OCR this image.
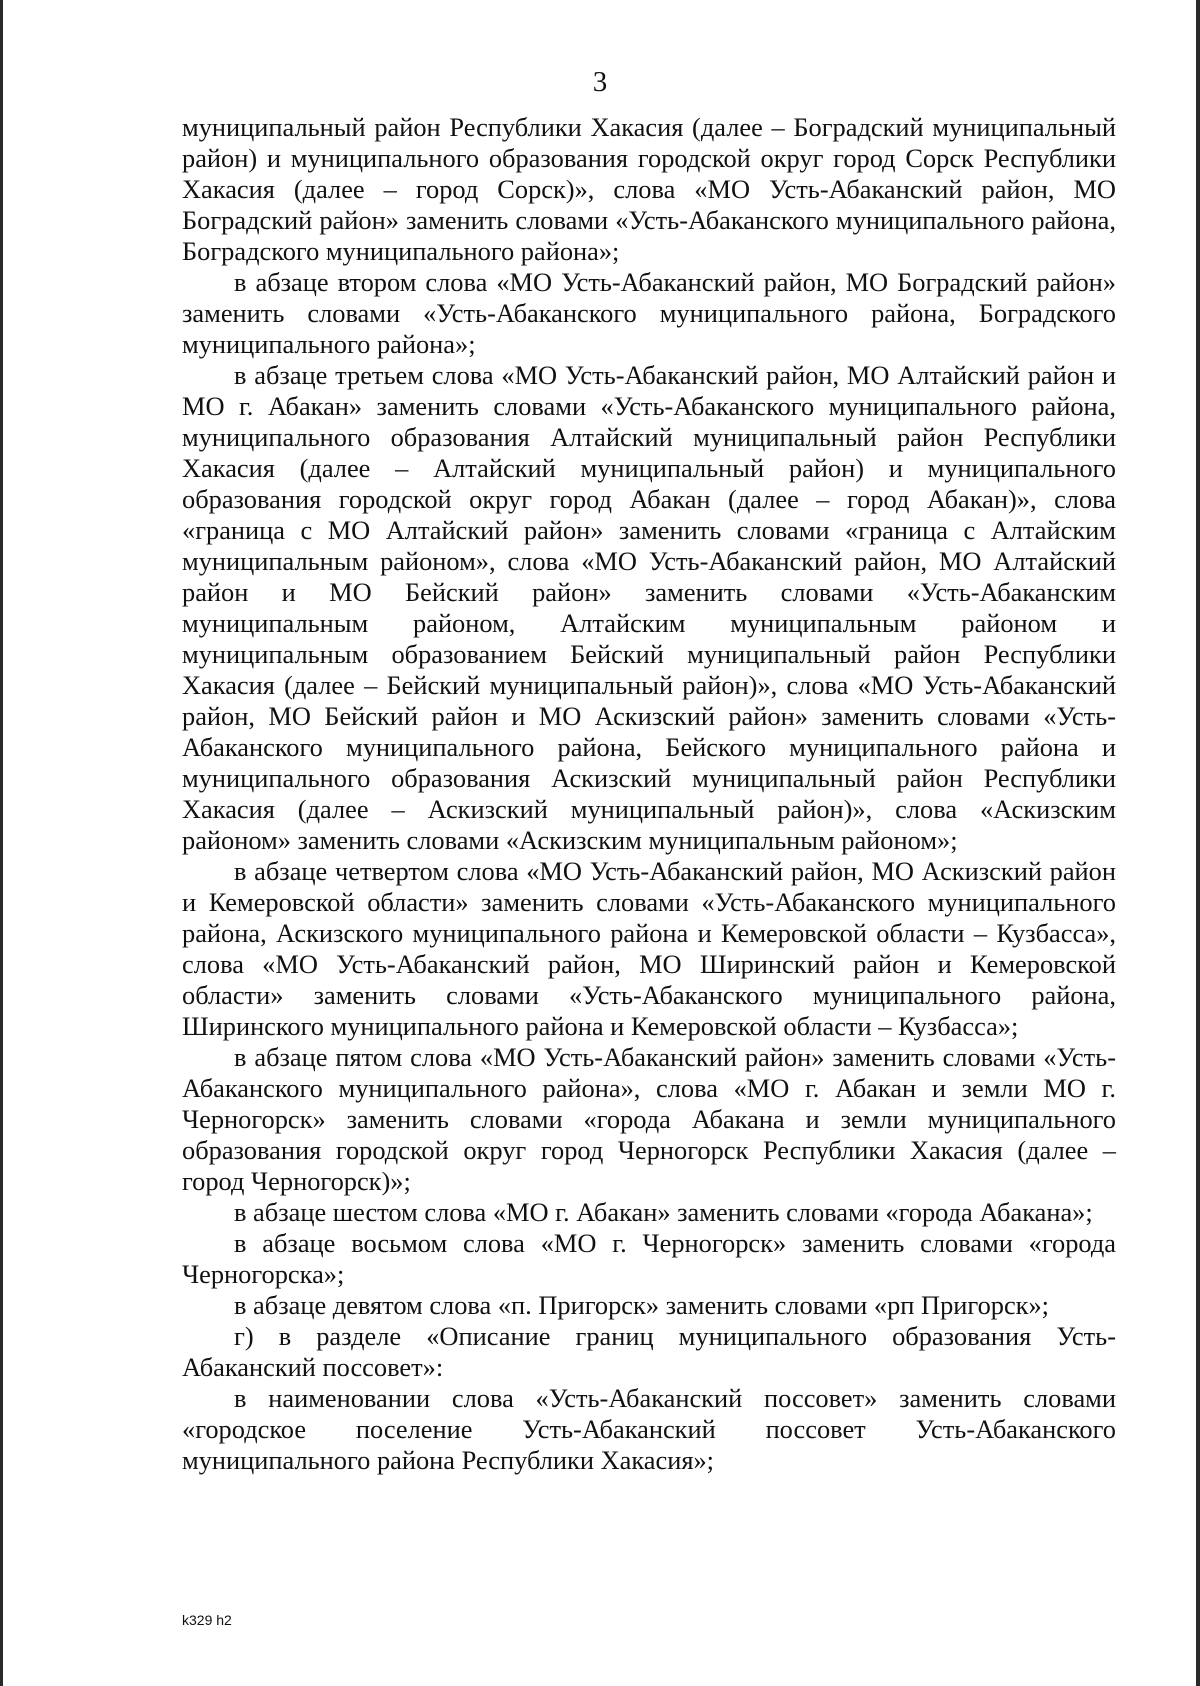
3

муниципальный район Республики Хакасия (далее – Боградский муниципальный район) и муниципального образования городской округ город Сорск Республики Хакасия (далее – город Сорск)», слова «МО Усть-Абаканский район, МО Боградский район» заменить словами «Усть-Абаканского муниципального района, Боградского муниципального района»;

в абзаце втором слова «МО Усть-Абаканский район, МО Боградский район» заменить словами «Усть-Абаканского муниципального района, Боградского муниципального района»;

в абзаце третьем слова «МО Усть-Абаканский район, МО Алтайский район и МО г. Абакан» заменить словами «Усть-Абаканского муниципального района, муниципального образования Алтайский муниципальный район Республики Хакасия (далее – Алтайский муниципальный район) и муниципального образования городской округ город Абакан (далее – город Абакан)», слова «граница с МО Алтайский район» заменить словами «граница с Алтайским муниципальным районом», слова «МО Усть-Абаканский район, МО Алтайский район и МО Бейский район» заменить словами «Усть-Абаканским муниципальным районом, Алтайским муниципальным районом и муниципальным образованием Бейский муниципальный район Республики Хакасия (далее – Бейский муниципальный район)», слова «МО Усть-Абаканский район, МО Бейский район и МО Аскизский район» заменить словами «Усть-Абаканского муниципального района, Бейского муниципального района и муниципального образования Аскизский муниципальный район Республики Хакасия (далее – Аскизский муниципальный район)», слова «Аскизским районом» заменить словами «Аскизским муниципальным районом»;

в абзаце четвертом слова «МО Усть-Абаканский район, МО Аскизский район и Кемеровской области» заменить словами «Усть-Абаканского муниципального района, Аскизского муниципального района и Кемеровской области – Кузбасса», слова «МО Усть-Абаканский район, МО Ширинский район и Кемеровской области» заменить словами «Усть-Абаканского муниципального района, Ширинского муниципального района и Кемеровской области – Кузбасса»;

в абзаце пятом слова «МО Усть-Абаканский район» заменить словами «Усть-Абаканского муниципального района», слова «МО г. Абакан и земли МО г. Черногорск» заменить словами «города Абакана и земли муниципального образования городской округ город Черногорск Республики Хакасия (далее – город Черногорск)»;

в абзаце шестом слова «МО г. Абакан» заменить словами «города Абакана»;

в абзаце восьмом слова «МО г. Черногорск» заменить словами «города Черногорска»;

в абзаце девятом слова «п. Пригорск» заменить словами «рп Пригорск»;

г) в разделе «Описание границ муниципального образования Усть-Абаканский поссовет»:

в наименовании слова «Усть-Абаканский поссовет» заменить словами «городское поселение Усть-Абаканский поссовет Усть-Абаканского муниципального района Республики Хакасия»;

k329 h2
